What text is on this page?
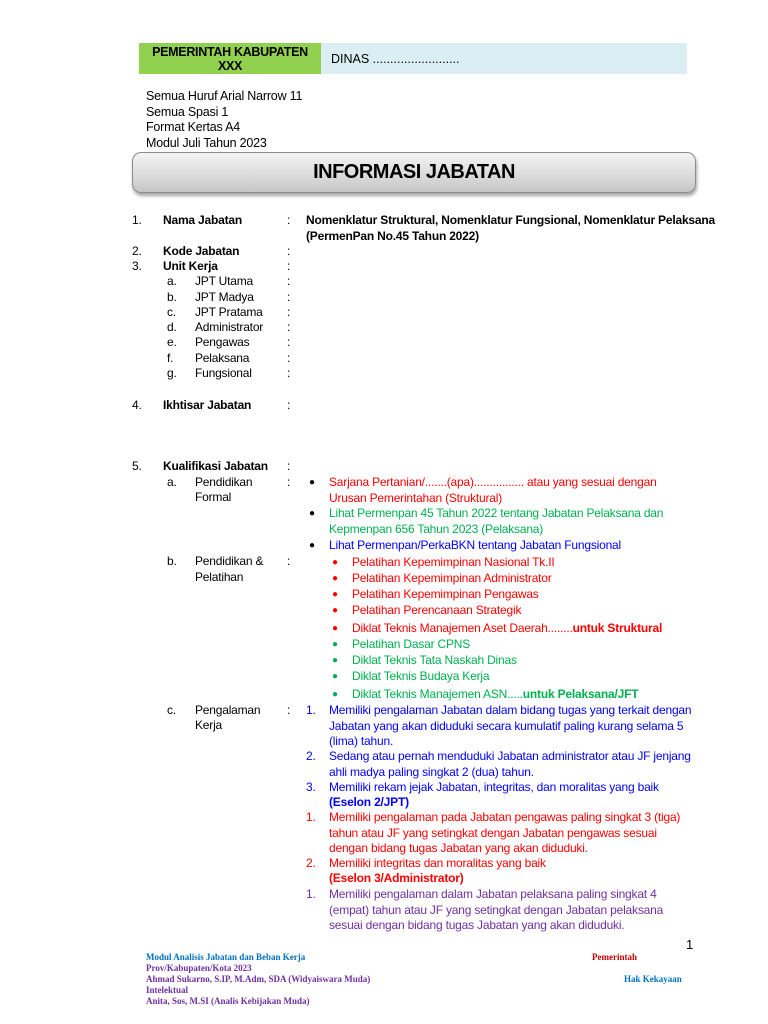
PEMERINTAH KABUPATEN
XXX	DINAS .........................
Semua Huruf Arial Narrow 11
Semua Spasi 1
Format Kertas A4
Modul Juli Tahun 2023
INFORMASI JABATAN
1. Nama Jabatan	: Nomenklatur Struktural, Nomenklatur Fungsional, Nomenklatur Pelaksana
(PermenPan No.45 Tahun 2022)
2. Kode Jabatan	:
3. Unit Kerja	:
a. JPT Utama	:
b. JPT Madya	:
c. JPT Pratama :
d. Administrator :
e. Pengawas	:
f. Pelaksana	:
g. Fungsional	:
4. Ikhtisar Jabatan	:
5. Kualifikasi Jabatan :
a. Pendidikan
Formal
: ● Sarjana Pertanian/.......(apa)................ atau yang sesuai dengan Urusan Pemerintahan (Struktural)
● Lihat Permenpan 45 Tahun 2022 tentang Jabatan Pelaksana dan Kepmenpan 656 Tahun 2023 (Pelaksana)
● Lihat Permenpan/PerkaBKN tentang Jabatan Fungsional
b. Pendidikan &
Pelatihan
:	● Pelatihan Kepemimpinan Nasional Tk.II
● Pelatihan Kepemimpinan Administrator
● Pelatihan Kepemimpinan Pengawas
● Pelatihan Perencanaan Strategik
● Diklat Teknis Manajemen Aset Daerah........untuk Struktural
● Pelatihan Dasar CPNS
● Diklat Teknis Tata Naskah Dinas
● Diklat Teknis Budaya Kerja
● Diklat Teknis Manajemen ASN.....untuk Pelaksana/JFT
c. Pengalaman
Kerja
: 1. Memiliki pengalaman Jabatan dalam bidang tugas yang terkait dengan Jabatan yang akan diduduki secara kumulatif paling kurang selama 5 (lima) tahun.
2. Sedang atau pernah menduduki Jabatan administrator atau JF jenjang ahli madya paling singkat 2 (dua) tahun.
3. Memiliki rekam jejak Jabatan, integritas, dan moralitas yang baik
(Eselon 2/JPT)
1. Memiliki pengalaman pada Jabatan pengawas paling singkat 3 (tiga) tahun atau JF yang setingkat dengan Jabatan pengawas sesuai dengan bidang tugas Jabatan yang akan diduduki.
2. Memiliki integritas dan moralitas yang baik
(Eselon 3/Administrator)
1. Memiliki pengalaman dalam Jabatan pelaksana paling singkat 4 (empat) tahun atau JF yang setingkat dengan Jabatan pelaksana sesuai dengan bidang tugas Jabatan yang akan diduduki.
1
Modul Analisis Jabatan dan Beban Kerja
Prov/Kabupaten/Kota 2023
Ahmad Sukarno, S.IP, M.Adm, SDA (Widyaiswara Muda)
Intelektual
Anita, Sos, M.SI (Analis Kebijakan Muda)
Pemerintah
Hak Kekayaan
